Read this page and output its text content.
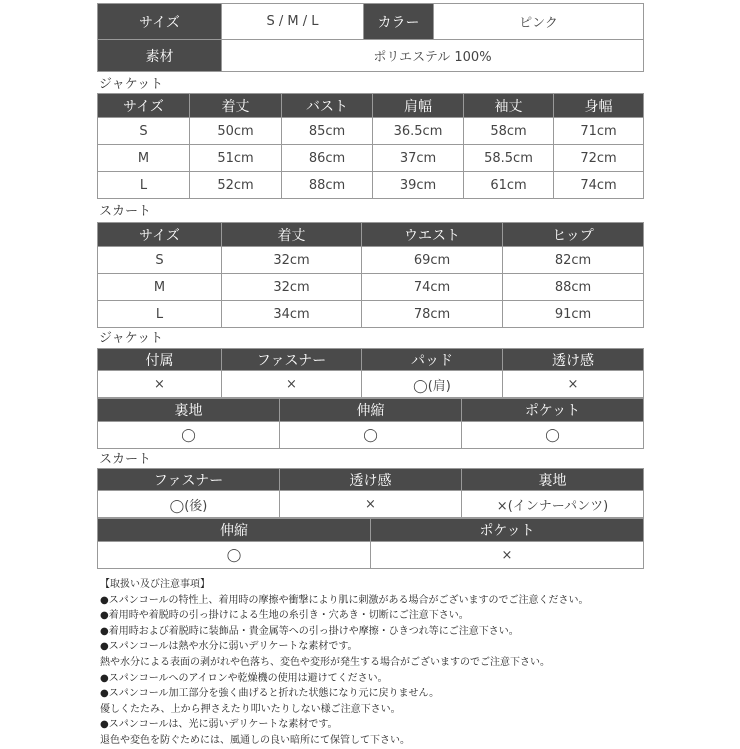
サイズ	S / M / L	カラー	ピンク
素材	ポリエステル 100%		
ジャケット
サイズ	着丈	バスト	肩幅	袖丈	身幅
S	50cm	85cm	36.5cm	58cm	71cm
M	51cm	86cm	37cm	58.5cm	72cm
L	52cm	88cm	39cm	61cm	74cm
スカート
サイズ	着丈	ウエスト	ヒップ
S	32cm	69cm	82cm
M	32cm	74cm	88cm
L	34cm	78cm	91cm
ジャケット
付属	ファスナー	パッド	透け感
×	×	◯(肩)	×
裏地	伸縮	ポケット
◯	◯	◯
スカート
ファスナー	透け感	裏地
◯(後)	×	×(インナーパンツ)
伸縮	ポケット
◯	×
【取扱い及び注意事項】
●スパンコールの特性上、着用時の摩擦や衝撃により肌に刺激がある場合がございますのでご注意ください。
●着用時や着脱時の引っ掛けによる生地の糸引き・穴あき・切断にご注意下さい。
●着用時および着脱時に装飾品・貴金属等への引っ掛けや摩擦・ひきつれ等にご注意下さい。
●スパンコールは熱や水分に弱いデリケートな素材です。
熱や水分による表面の剥がれや色落ち、変色や変形が発生する場合がございますのでご注意下さい。
●スパンコールへのアイロンや乾燥機の使用は避けてください。
●スパンコール加工部分を強く曲げると折れた状態になり元に戻りません。
優しくたたみ、上から押さえたり叩いたりしない様ご注意下さい。
●スパンコールは、光に弱いデリケートな素材です。
退色や変色を防ぐためには、風通しの良い暗所にて保管して下さい。
